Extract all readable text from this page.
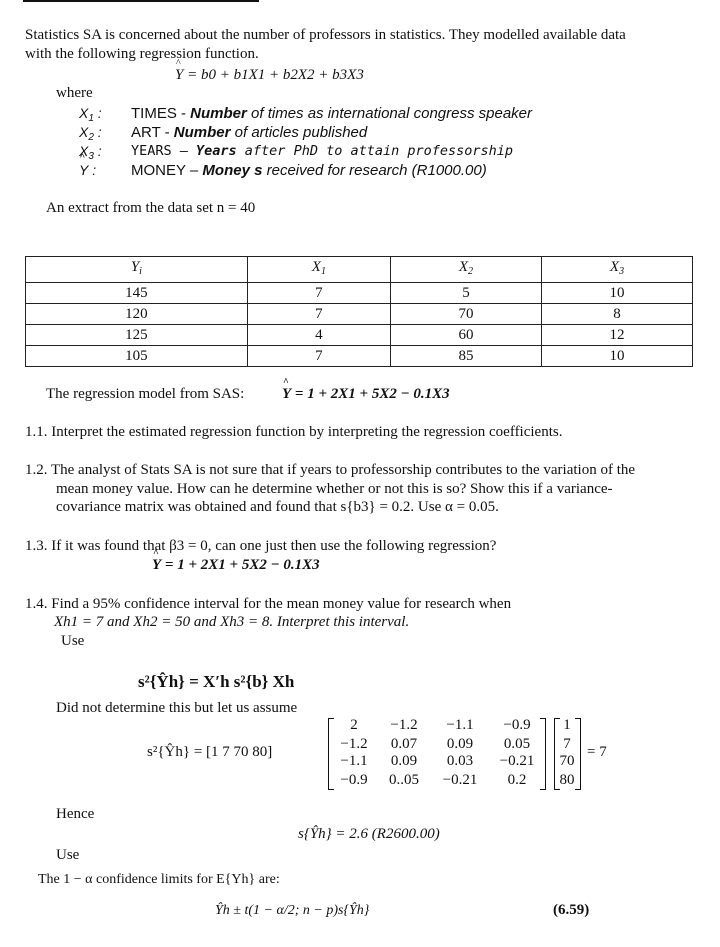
Statistics SA is concerned about the number of professors in statistics. They modelled available data
with the following regression function.
^ Y = b0 + b1X1 + b2X2 + b3X3
where
$X_1$ : TIMES - Number of times as international congress speaker
$X_2$ : ART - Number of articles published
$X_3$ : YEARS – Years after PhD to attain professorship
^ Y : MONEY – Money s received for research (R1000.00)
An extract from the data set n = 40
$Y_i$	$X_1$	$X_2$	$X_3$
145	7	5	10
120	7	70	8
125	4	60	12
105	7	85	10
The regression model from SAS:	^ Y = 1 + 2X1 + 5X2 − 0.1X3
1.1. Interpret the estimated regression function by interpreting the regression coefficients.
1.2. The analyst of Stats SA is not sure that if years to professorship contributes to the variation of the
mean money value. How can he determine whether or not this is so? Show this if a variance-
covariance matrix was obtained and found that s{b3} = 0.2. Use α = 0.05.
1.3. If it was found that β3 = 0, can one just then use the following regression?
^ Y = 1 + 2X1 + 5X2 − 0.1X3
1.4. Find a 95% confidence interval for the mean money value for research when
Xh1 = 7 and Xh2 = 50 and Xh3 = 8. Interpret this interval.
Use
s²{Ŷh} = X′h s²{b} Xh
Did not determine this but let us assume
s²{Ŷh} = [1 7 70 80]
2	−1.2	−1.1	−0.9
−1.2	0.07	0.09	0.05
−1.1	0.09	0.03	−0.21
−0.9	0..05	−0.21	0.2
1
7
70
80
= 7
Hence
s{Ŷh} = 2.6 (R2600.00)
Use
The 1 − α confidence limits for E{Yh} are:
Ŷh ± t(1 − α/2; n − p)s{Ŷh}	(6.59)
